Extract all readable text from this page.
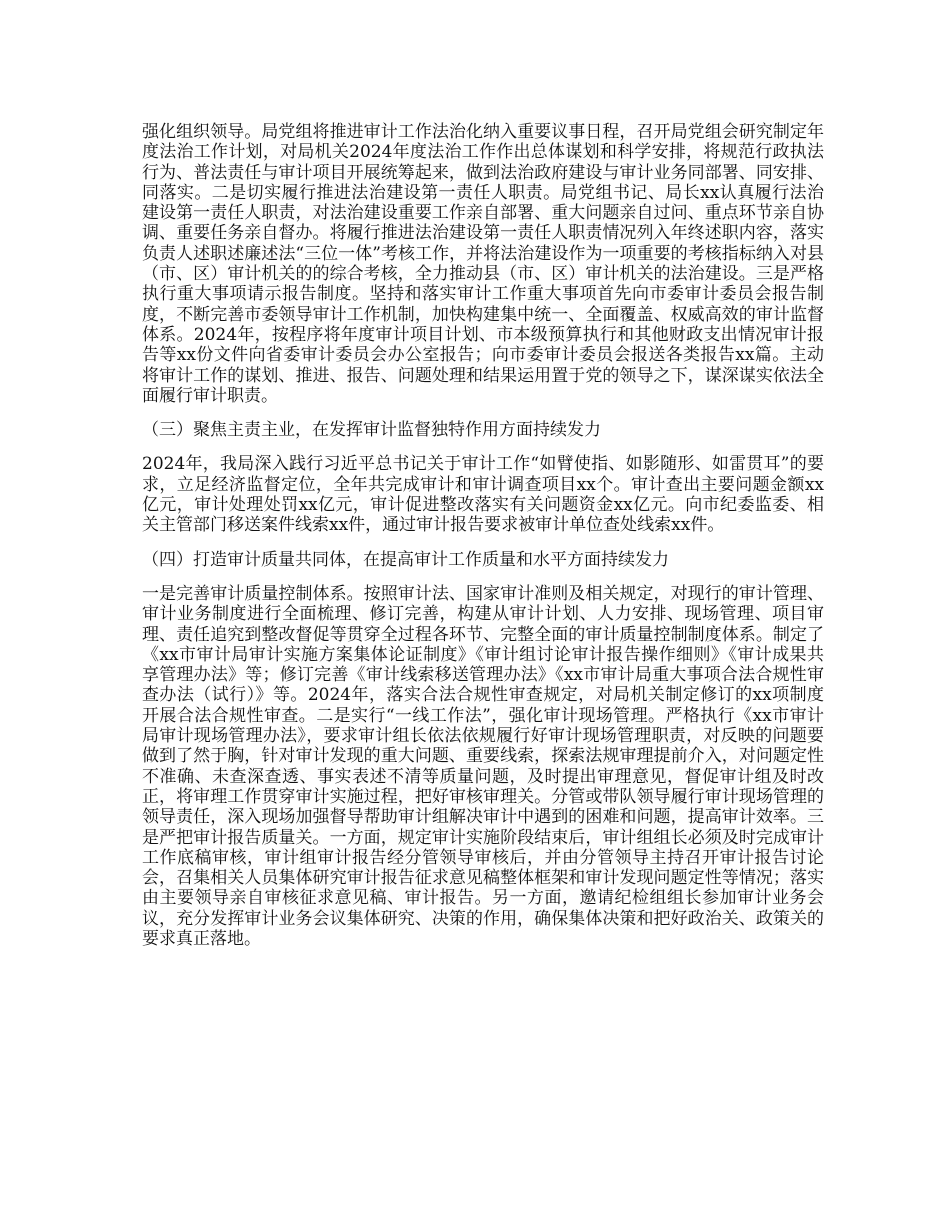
强化组织领导。局党组将推进审计工作法治化纳入重要议事日程，召开局党组会研究制定年度法治工作计划，对局机关2024年度法治工作作出总体谋划和科学安排，将规范行政执法行为、普法责任与审计项目开展统筹起来，做到法治政府建设与审计业务同部署、同安排、同落实。二是切实履行推进法治建设第一责任人职责。局党组书记、局长xx认真履行法治建设第一责任人职责，对法治建设重要工作亲自部署、重大问题亲自过问、重点环节亲自协调、重要任务亲自督办。将履行推进法治建设第一责任人职责情况列入年终述职内容，落实负责人述职述廉述法“三位一体”考核工作，并将法治建设作为一项重要的考核指标纳入对县（市、区）审计机关的的综合考核，全力推动县（市、区）审计机关的法治建设。三是严格执行重大事项请示报告制度。坚持和落实审计工作重大事项首先向市委审计委员会报告制度，不断完善市委领导审计工作机制，加快构建集中统一、全面覆盖、权威高效的审计监督体系。2024年，按程序将年度审计项目计划、市本级预算执行和其他财政支出情况审计报告等xx份文件向省委审计委员会办公室报告；向市委审计委员会报送各类报告xx篇。主动将审计工作的谋划、推进、报告、问题处理和结果运用置于党的领导之下，谋深谋实依法全面履行审计职责。

（三）聚焦主责主业，在发挥审计监督独特作用方面持续发力

2024年，我局深入践行习近平总书记关于审计工作“如臂使指、如影随形、如雷贯耳”的要求，立足经济监督定位，全年共完成审计和审计调查项目xx个。审计查出主要问题金额xx亿元，审计处理处罚xx亿元，审计促进整改落实有关问题资金xx亿元。向市纪委监委、相关主管部门移送案件线索xx件，通过审计报告要求被审计单位查处线索xx件。

（四）打造审计质量共同体，在提高审计工作质量和水平方面持续发力

一是完善审计质量控制体系。按照审计法、国家审计准则及相关规定，对现行的审计管理、审计业务制度进行全面梳理、修订完善，构建从审计计划、人力安排、现场管理、项目审理、责任追究到整改督促等贯穿全过程各环节、完整全面的审计质量控制制度体系。制定了《xx市审计局审计实施方案集体论证制度》《审计组讨论审计报告操作细则》《审计成果共享管理办法》等；修订完善《审计线索移送管理办法》《xx市审计局重大事项合法合规性审查办法（试行）》等。2024年，落实合法合规性审查规定，对局机关制定修订的xx项制度开展合法合规性审查。二是实行“一线工作法”，强化审计现场管理。严格执行《xx市审计局审计现场管理办法》，要求审计组长依法依规履行好审计现场管理职责，对反映的问题要做到了然于胸，针对审计发现的重大问题、重要线索，探索法规审理提前介入，对问题定性不准确、未查深查透、事实表述不清等质量问题，及时提出审理意见，督促审计组及时改正，将审理工作贯穿审计实施过程，把好审核审理关。分管或带队领导履行审计现场管理的领导责任，深入现场加强督导帮助审计组解决审计中遇到的困难和问题，提高审计效率。三是严把审计报告质量关。一方面，规定审计实施阶段结束后，审计组组长必须及时完成审计工作底稿审核，审计组审计报告经分管领导审核后，并由分管领导主持召开审计报告讨论会，召集相关人员集体研究审计报告征求意见稿整体框架和审计发现问题定性等情况；落实由主要领导亲自审核征求意见稿、审计报告。另一方面，邀请纪检组组长参加审计业务会议，充分发挥审计业务会议集体研究、决策的作用，确保集体决策和把好政治关、政策关的要求真正落地。
